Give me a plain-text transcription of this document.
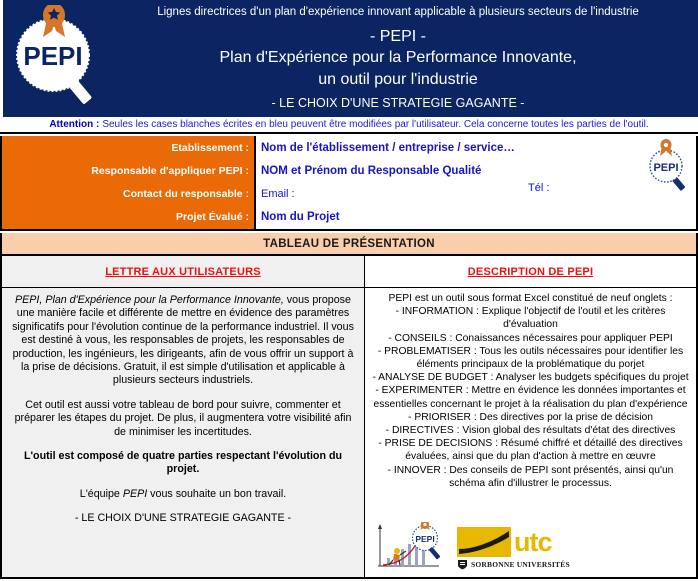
PEPI
Lignes directrices d'un plan d'expérience innovant applicable à plusieurs secteurs de l'industrie
- PEPI -
Plan d'Expérience pour la Performance Innovante,
un outil pour l'industrie
- LE CHOIX D'UNE STRATEGIE GAGANTE -
Attention : Seules les cases blanches écrites en bleu peuvent être modifiées par l'utilisateur. Cela concerne toutes les parties de l'outil.
Etablissement :
Responsable d'appliquer PEPI :
Contact du responsable :
Projet Évalué :
Nom de l'établissement / entreprise / service…
NOM et Prénom du Responsable Qualité
Email :
Nom du Projet
Tél :
PEPI
TABLEAU DE PRÉSENTATION
LETTRE AUX UTILISATEURS

PEPI, Plan d'Expérience pour la Performance Innovante, vous propose une manière facile et différente de mettre en évidence des paramètres significatifs pour l'évolution continue de la performance industriel. Il vous est destiné à vous, les responsables de projets, les responsables de production, les ingénieurs, les dirigeants, afin de vous offrir un support à la prise de décisions. Gratuit, il est simple d'utilisation et applicable à plusieurs secteurs industriels.

Cet outil est aussi votre tableau de bord pour suivre, commenter et préparer les étapes du projet. De plus, il augmentera votre visibilité afin de minimiser les incertitudes.

L'outil est composé de quatre parties respectant l'évolution du projet.

L'équipe PEPI vous souhaite un bon travail.

- LE CHOIX D'UNE STRATEGIE GAGANTE -

DESCRIPTION DE PEPI
PEPI est un outil sous format Excel constitué de neuf onglets :
- INFORMATION : Explique l'objectif de l'outil et les critères d'évaluation
- CONSEILS : Conaissances nécessaires pour appliquer PEPI
- PROBLEMATISER : Tous les outils nécessaires pour identifier les éléments principaux de la problématique du porjet
- ANALYSE DE BUDGET : Analyser les budgets spécifiques du projet
- EXPERIMENTER : Mettre en évidence les données importantes et essentielles concernant le projet à la réalisation du plan d'expérience
- PRIORISER : Des directives por la prise de décision
- DIRECTIVES : Vision global des résultats d'état des directives
- PRISE DE DECISIONS : Résumé chiffré et détaillé des directives évaluées, ainsi que du plan d'action à mettre en œuvre
- INNOVER : Des conseils de PEPI sont présentés, ainsi qu'un schéma afin d'illustrer le processus.
PEPI	utc
SORBONNE UNIVERSITÉS
